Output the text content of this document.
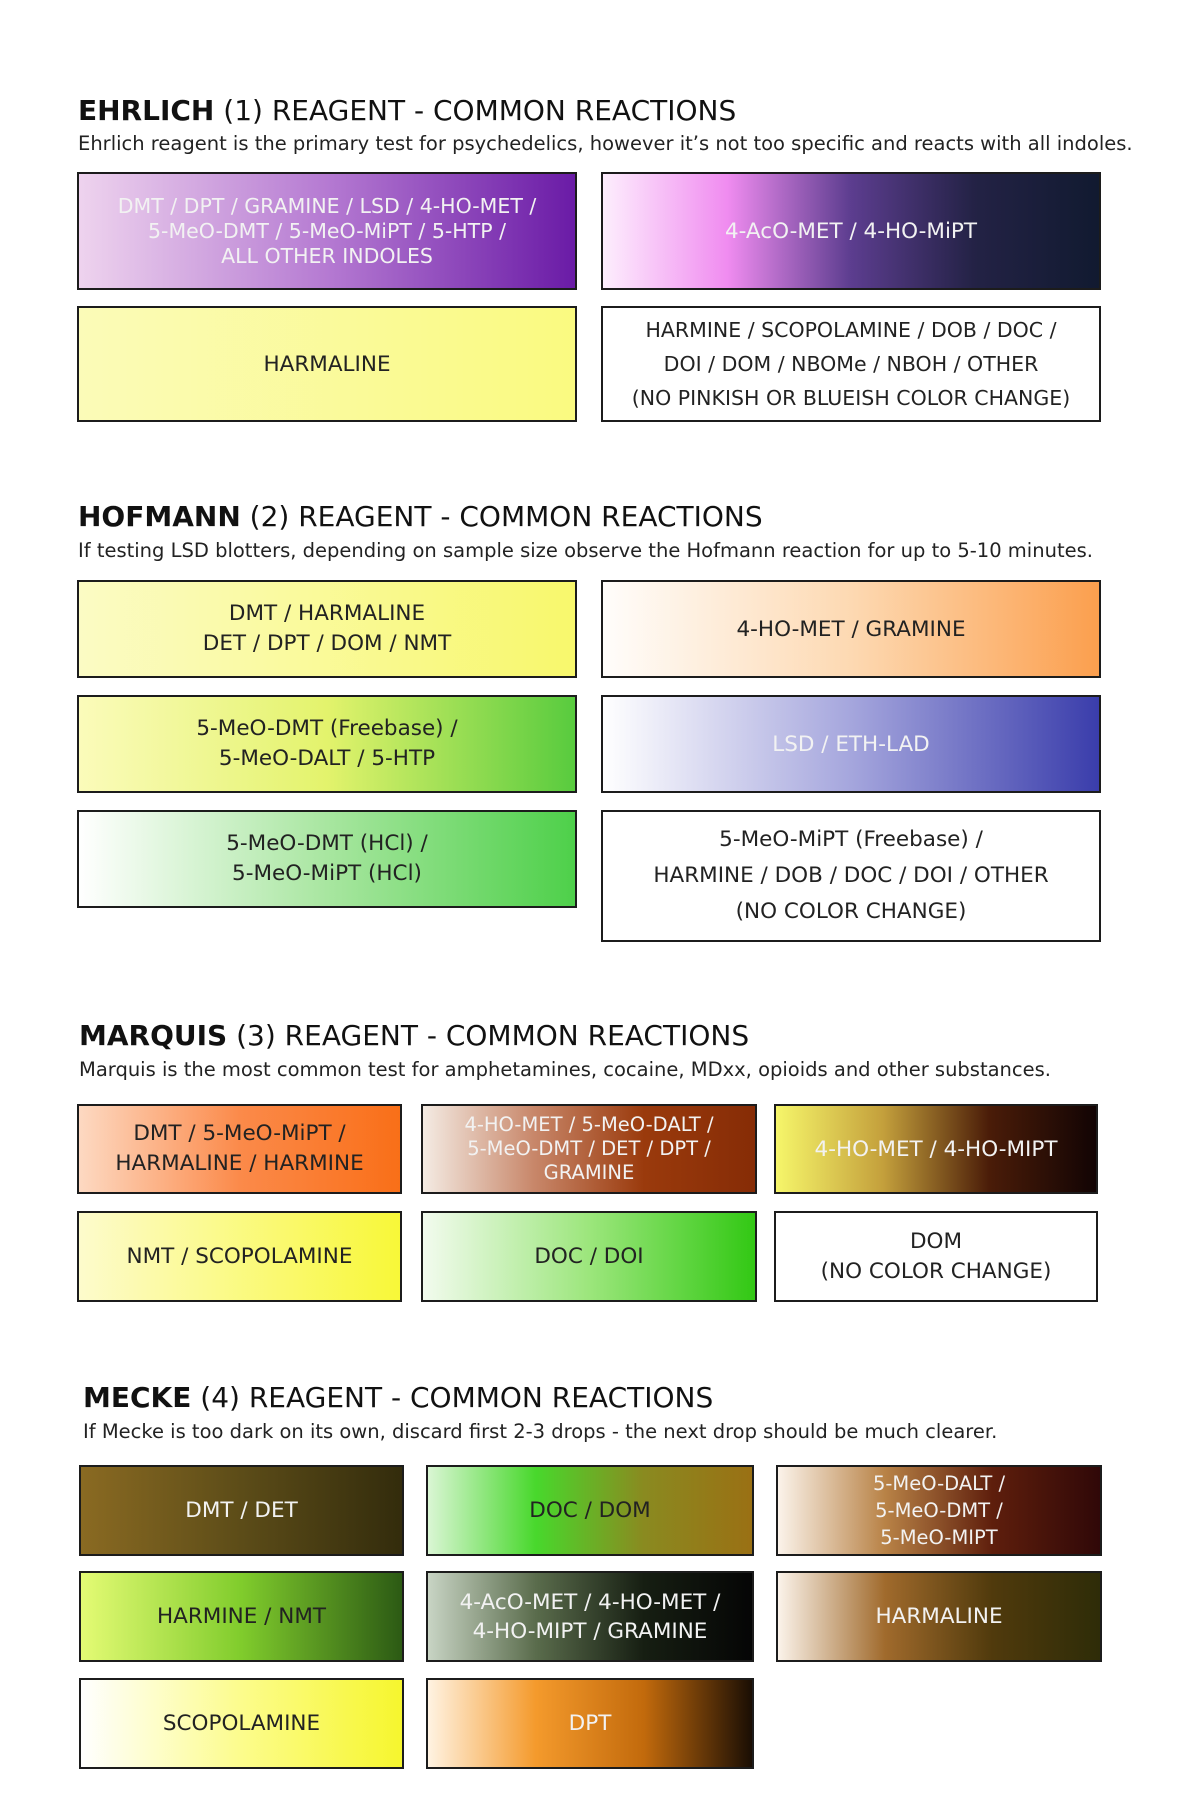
EHRLICH (1) REAGENT - COMMON REACTIONS
Ehrlich reagent is the primary test for psychedelics, however it’s not too specific and reacts with all indoles.
DMT / DPT / GRAMINE / LSD / 4-HO-MET /
5-MeO-DMT / 5-MeO-MiPT / 5-HTP /
ALL OTHER INDOLES
4-AcO-MET / 4-HO-MiPT
HARMALINE
HARMINE / SCOPOLAMINE / DOB / DOC /
DOI / DOM / NBOMe / NBOH / OTHER
(NO PINKISH OR BLUEISH COLOR CHANGE)
HOFMANN (2) REAGENT - COMMON REACTIONS
If testing LSD blotters, depending on sample size observe the Hofmann reaction for up to 5-10 minutes.
DMT / HARMALINE
DET / DPT / DOM / NMT
4-HO-MET / GRAMINE
5-MeO-DMT (Freebase) /
5-MeO-DALT / 5-HTP
LSD / ETH-LAD
5-MeO-DMT (HCl) /
5-MeO-MiPT (HCl)
5-MeO-MiPT (Freebase) /
HARMINE / DOB / DOC / DOI / OTHER
(NO COLOR CHANGE)
MARQUIS (3) REAGENT - COMMON REACTIONS
Marquis is the most common test for amphetamines, cocaine, MDxx, opioids and other substances.
DMT / 5-MeO-MiPT /
HARMALINE / HARMINE
4-HO-MET / 5-MeO-DALT /
5-MeO-DMT / DET / DPT /
GRAMINE
4-HO-MET / 4-HO-MIPT
NMT / SCOPOLAMINE	DOC / DOI
DOM
(NO COLOR CHANGE)
MECKE (4) REAGENT - COMMON REACTIONS
If Mecke is too dark on its own, discard first 2-3 drops - the next drop should be much clearer.
DMT / DET	DOC / DOM
5-MeO-DALT /
5-MeO-DMT /
5-MeO-MIPT
HARMINE / NMT
4-AcO-MET / 4-HO-MET /
4-HO-MIPT / GRAMINE
HARMALINE
SCOPOLAMINE	DPT
